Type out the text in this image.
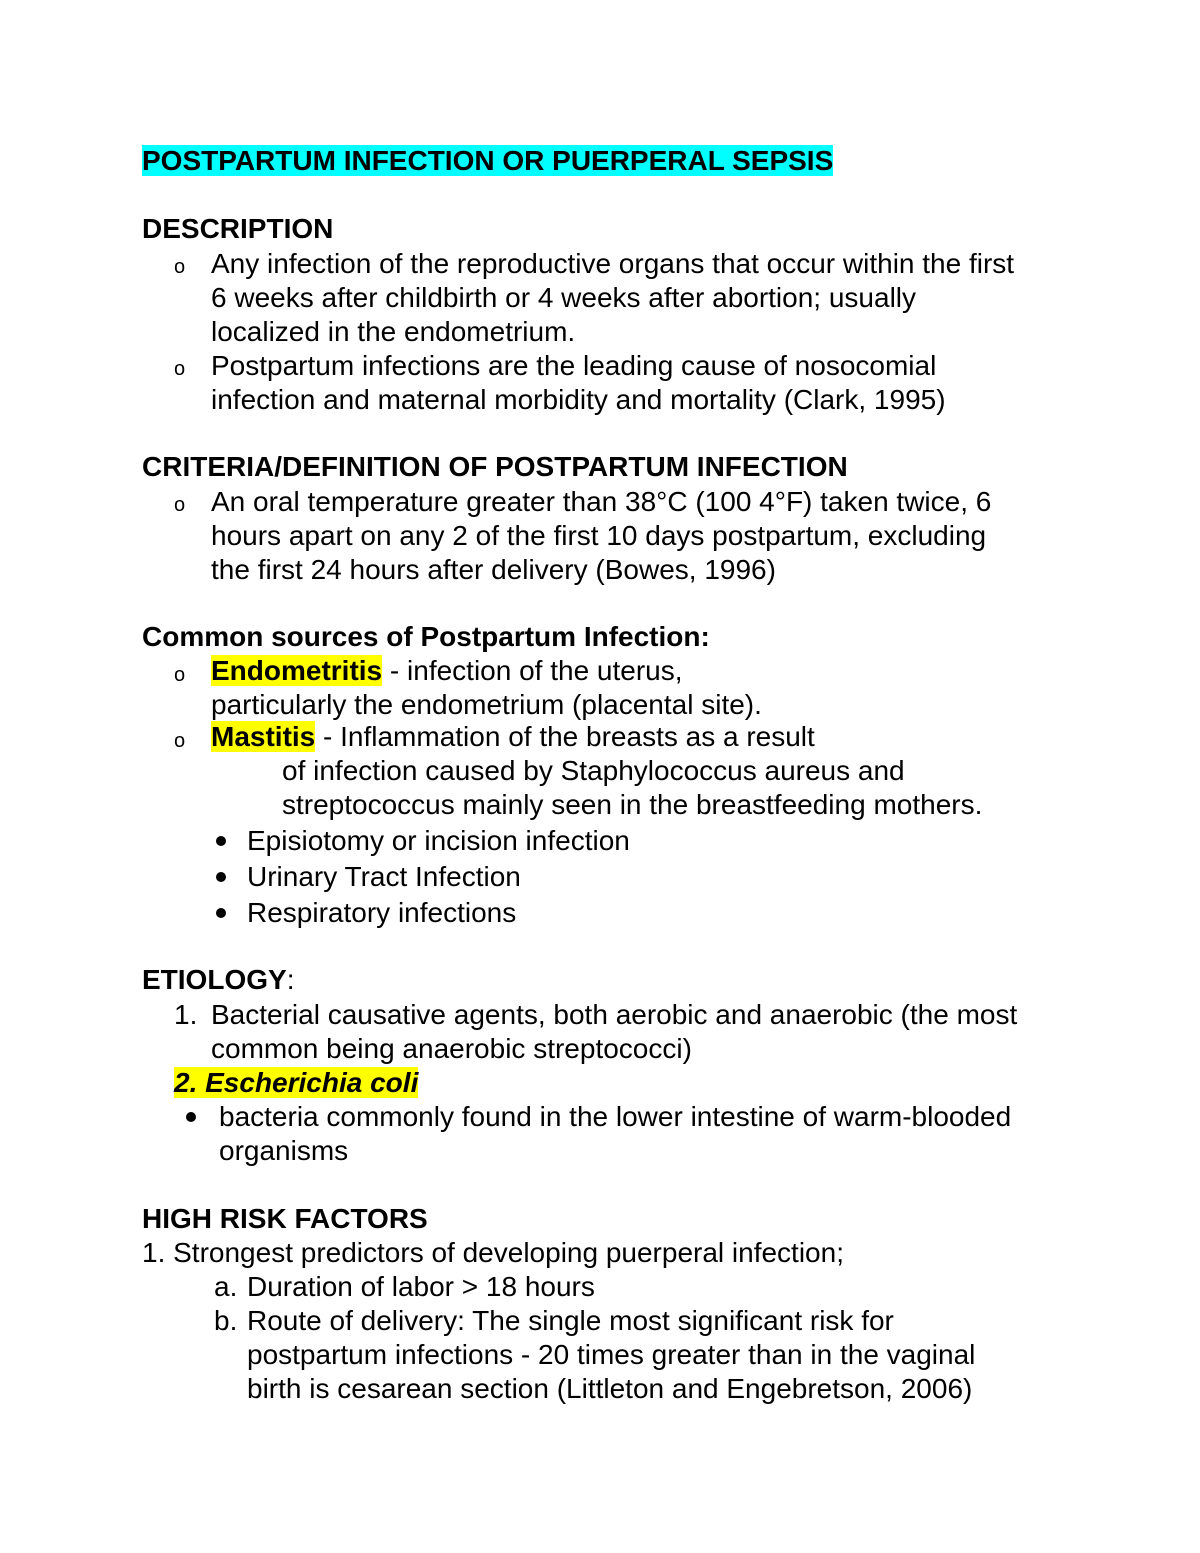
POSTPARTUM INFECTION OR PUERPERAL SEPSIS
DESCRIPTION
o Any infection of the reproductive organs that occur within the first
6 weeks after childbirth or 4 weeks after abortion; usually
localized in the endometrium.
o Postpartum infections are the leading cause of nosocomial
infection and maternal morbidity and mortality (Clark, 1995)
CRITERIA/DEFINITION OF POSTPARTUM INFECTION
o An oral temperature greater than 38°C (100 4°F) taken twice, 6
hours apart on any 2 of the first 10 days postpartum, excluding
the first 24 hours after delivery (Bowes, 1996)
Common sources of Postpartum Infection:
o Endometritis - infection of the uterus,
particularly the endometrium (placental site).
o Mastitis - Inflammation of the breasts as a result
of infection caused by Staphylococcus aureus and
streptococcus mainly seen in the breastfeeding mothers.
Episiotomy or incision infection
Urinary Tract Infection
Respiratory infections
ETIOLOGY:
1. Bacterial causative agents, both aerobic and anaerobic (the most
common being anaerobic streptococci)
2. Escherichia coli
bacteria commonly found in the lower intestine of warm-blooded
organisms
HIGH RISK FACTORS
1. Strongest predictors of developing puerperal infection;
a. Duration of labor > 18 hours
b. Route of delivery: The single most significant risk for
postpartum infections - 20 times greater than in the vaginal
birth is cesarean section (Littleton and Engebretson, 2006)
